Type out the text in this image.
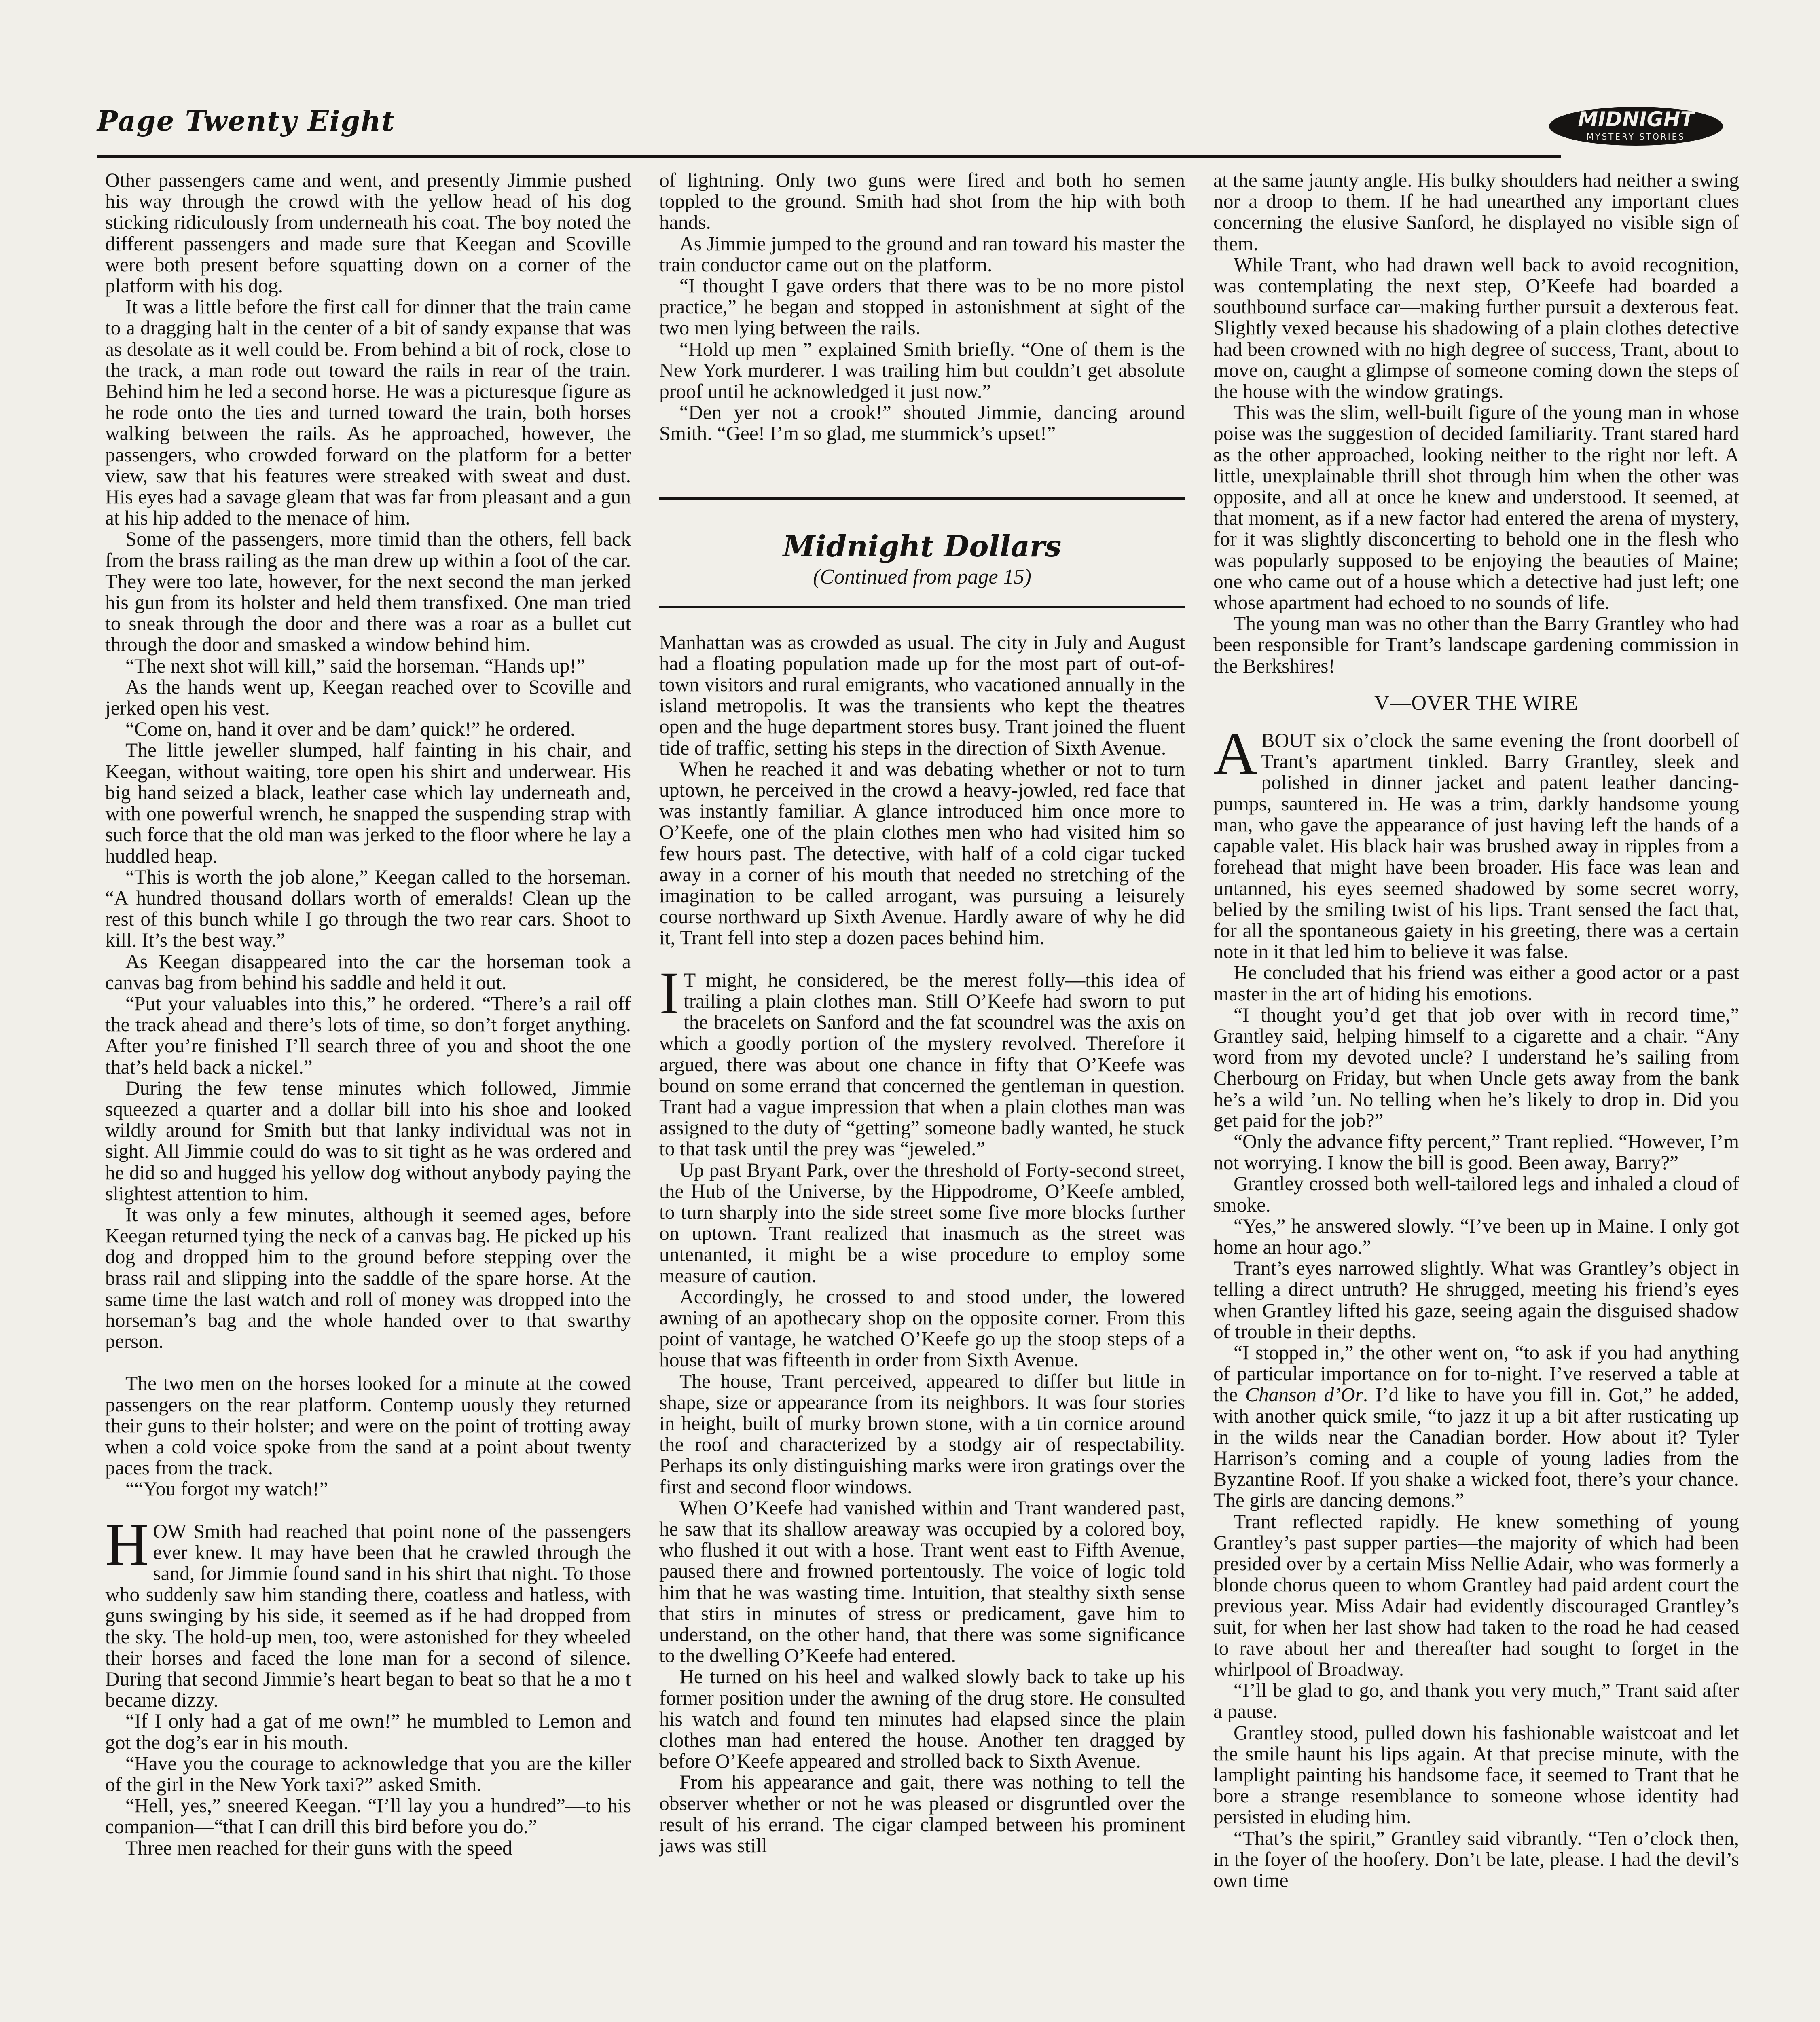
Page Twenty Eight	MIDNIGHT
MYSTERY STORIES

Other passengers came and went, and presently Jimmie pushed his way through the crowd with the yellow head of his dog sticking ridiculously from underneath his coat. The boy noted the different passengers and made sure that Keegan and Scoville were both present before squatting down on a corner of the platform with his dog.

It was a little before the first call for dinner that the train came to a dragging halt in the center of a bit of sandy expanse that was as desolate as it well could be. From behind a bit of rock, close to the track, a man rode out toward the rails in rear of the train. Behind him he led a second horse. He was a picturesque figure as he rode onto the ties and turned toward the train, both horses walking between the rails. As he approached, however, the passengers, who crowded forward on the platform for a better view, saw that his features were streaked with sweat and dust. His eyes had a savage gleam that was far from pleasant and a gun at his hip added to the menace of him.

Some of the passengers, more timid than the others, fell back from the brass railing as the man drew up within a foot of the car. They were too late, however, for the next second the man jerked his gun from its holster and held them transfixed. One man tried to sneak through the door and there was a roar as a bullet cut through the door and smasked a window behind him.

“The next shot will kill,” said the horseman. “Hands up!”

As the hands went up, Keegan reached over to Scoville and jerked open his vest.

“Come on, hand it over and be dam’ quick!” he ordered.

The little jeweller slumped, half fainting in his chair, and Keegan, without waiting, tore open his shirt and underwear. His big hand seized a black, leather case which lay underneath and, with one powerful wrench, he snapped the suspending strap with such force that the old man was jerked to the floor where he lay a huddled heap.

“This is worth the job alone,” Keegan called to the horseman. “A hundred thousand dollars worth of emeralds! Clean up the rest of this bunch while I go through the two rear cars. Shoot to kill. It’s the best way.”

As Keegan disappeared into the car the horseman took a canvas bag from behind his saddle and held it out.

“Put your valuables into this,” he ordered. “There’s a rail off the track ahead and there’s lots of time, so don’t forget anything. After you’re finished I’ll search three of you and shoot the one that’s held back a nickel.”

During the few tense minutes which followed, Jimmie squeezed a quarter and a dollar bill into his shoe and looked wildly around for Smith but that lanky individual was not in sight. All Jimmie could do was to sit tight as he was ordered and he did so and hugged his yellow dog without anybody paying the slightest attention to him.

It was only a few minutes, although it seemed ages, before Keegan returned tying the neck of a canvas bag. He picked up his dog and dropped him to the ground before stepping over the brass rail and slipping into the saddle of the spare horse. At the same time the last watch and roll of money was dropped into the horseman’s bag and the whole handed over to that swarthy person.

The two men on the horses looked for a minute at the cowed passengers on the rear platform. Contemp uously they returned their guns to their holster; and were on the point of trotting away when a cold voice spoke from the sand at a point about twenty paces from the track.

““You forgot my watch!”

HOW Smith had reached that point none of the passengers ever knew. It may have been that he crawled through the sand, for Jimmie found sand in his shirt that night. To those who suddenly saw him standing there, coatless and hatless, with guns swinging by his side, it seemed as if he had dropped from the sky. The hold-up men, too, were astonished for they wheeled their horses and faced the lone man for a second of silence. During that second Jimmie’s heart began to beat so that he a mo t became dizzy.

“If I only had a gat of me own!” he mumbled to Lemon and got the dog’s ear in his mouth.

“Have you the courage to acknowledge that you are the killer of the girl in the New York taxi?” asked Smith.

“Hell, yes,” sneered Keegan. “I’ll lay you a hundred”—to his companion—“that I can drill this bird before you do.”

Three men reached for their guns with the speed

of lightning. Only two guns were fired and both ho semen toppled to the ground. Smith had shot from the hip with both hands.

As Jimmie jumped to the ground and ran toward his master the train conductor came out on the platform.

“I thought I gave orders that there was to be no more pistol practice,” he began and stopped in astonishment at sight of the two men lying between the rails.

“Hold up men ” explained Smith briefly. “One of them is the New York murderer. I was trailing him but couldn’t get absolute proof until he acknowledged it just now.”

“Den yer not a crook!” shouted Jimmie, dancing around Smith. “Gee! I’m so glad, me stummick’s upset!”

Midnight Dollars
(Continued from page 15)

Manhattan was as crowded as usual. The city in July and August had a floating population made up for the most part of out-of-town visitors and rural emigrants, who vacationed annually in the island metropolis. It was the transients who kept the theatres open and the huge department stores busy. Trant joined the fluent tide of traffic, setting his steps in the direction of Sixth Avenue.

When he reached it and was debating whether or not to turn uptown, he perceived in the crowd a heavy-jowled, red face that was instantly familiar. A glance introduced him once more to O’Keefe, one of the plain clothes men who had visited him so few hours past. The detective, with half of a cold cigar tucked away in a corner of his mouth that needed no stretching of the imagination to be called arrogant, was pursuing a leisurely course northward up Sixth Avenue. Hardly aware of why he did it, Trant fell into step a dozen paces behind him.

IT might, he considered, be the merest folly—this idea of trailing a plain clothes man. Still O’Keefe had sworn to put the bracelets on Sanford and the fat scoundrel was the axis on which a goodly portion of the mystery revolved. Therefore it argued, there was about one chance in fifty that O’Keefe was bound on some errand that concerned the gentleman in question. Trant had a vague impression that when a plain clothes man was assigned to the duty of “getting” someone badly wanted, he stuck to that task until the prey was “jeweled.”

Up past Bryant Park, over the threshold of Forty-second street, the Hub of the Universe, by the Hippodrome, O’Keefe ambled, to turn sharply into the side street some five more blocks further on uptown. Trant realized that inasmuch as the street was untenanted, it might be a wise procedure to employ some measure of caution.

Accordingly, he crossed to and stood under, the lowered awning of an apothecary shop on the opposite corner. From this point of vantage, he watched O’Keefe go up the stoop steps of a house that was fifteenth in order from Sixth Avenue.

The house, Trant perceived, appeared to differ but little in shape, size or appearance from its neighbors. It was four stories in height, built of murky brown stone, with a tin cornice around the roof and characterized by a stodgy air of respectability. Perhaps its only distinguishing marks were iron gratings over the first and second floor windows.

When O’Keefe had vanished within and Trant wandered past, he saw that its shallow areaway was occupied by a colored boy, who flushed it out with a hose. Trant went east to Fifth Avenue, paused there and frowned portentously. The voice of logic told him that he was wasting time. Intuition, that stealthy sixth sense that stirs in minutes of stress or predicament, gave him to understand, on the other hand, that there was some significance to the dwelling O’Keefe had entered.

He turned on his heel and walked slowly back to take up his former position under the awning of the drug store. He consulted his watch and found ten minutes had elapsed since the plain clothes man had entered the house. Another ten dragged by before O’Keefe appeared and strolled back to Sixth Avenue.

From his appearance and gait, there was nothing to tell the observer whether or not he was pleased or disgruntled over the result of his errand. The cigar clamped between his prominent jaws was still

at the same jaunty angle. His bulky shoulders had neither a swing nor a droop to them. If he had unearthed any important clues concerning the elusive Sanford, he displayed no visible sign of them.

While Trant, who had drawn well back to avoid recognition, was contemplating the next step, O’Keefe had boarded a southbound surface car—making further pursuit a dexterous feat. Slightly vexed because his shadowing of a plain clothes detective had been crowned with no high degree of success, Trant, about to move on, caught a glimpse of someone coming down the steps of the house with the window gratings.

This was the slim, well-built figure of the young man in whose poise was the suggestion of decided familiarity. Trant stared hard as the other approached, looking neither to the right nor left. A little, unexplainable thrill shot through him when the other was opposite, and all at once he knew and understood. It seemed, at that moment, as if a new factor had entered the arena of mystery, for it was slightly disconcerting to behold one in the flesh who was popularly supposed to be enjoying the beauties of Maine; one who came out of a house which a detective had just left; one whose apartment had echoed to no sounds of life.

The young man was no other than the Barry Grantley who had been responsible for Trant’s landscape gardening commission in the Berkshires!

V—OVER THE WIRE

ABOUT six o’clock the same evening the front doorbell of Trant’s apartment tinkled. Barry Grantley, sleek and polished in dinner jacket and patent leather dancing-pumps, sauntered in. He was a trim, darkly handsome young man, who gave the appearance of just having left the hands of a capable valet. His black hair was brushed away in ripples from a forehead that might have been broader. His face was lean and untanned, his eyes seemed shadowed by some secret worry, belied by the smiling twist of his lips. Trant sensed the fact that, for all the spontaneous gaiety in his greeting, there was a certain note in it that led him to believe it was false.

He concluded that his friend was either a good actor or a past master in the art of hiding his emotions.

“I thought you’d get that job over with in record time,” Grantley said, helping himself to a cigarette and a chair. “Any word from my devoted uncle? I understand he’s sailing from Cherbourg on Friday, but when Uncle gets away from the bank he’s a wild ’un. No telling when he’s likely to drop in. Did you get paid for the job?”

“Only the advance fifty percent,” Trant replied. “However, I’m not worrying. I know the bill is good. Been away, Barry?”

Grantley crossed both well-tailored legs and inhaled a cloud of smoke.

“Yes,” he answered slowly. “I’ve been up in Maine. I only got home an hour ago.”

Trant’s eyes narrowed slightly. What was Grantley’s object in telling a direct untruth? He shrugged, meeting his friend’s eyes when Grantley lifted his gaze, seeing again the disguised shadow of trouble in their depths.

“I stopped in,” the other went on, “to ask if you had anything of particular importance on for to-night. I’ve reserved a table at the Chanson d’Or. I’d like to have you fill in. Got,” he added, with another quick smile, “to jazz it up a bit after rusticating up in the wilds near the Canadian border. How about it? Tyler Harrison’s coming and a couple of young ladies from the Byzantine Roof. If you shake a wicked foot, there’s your chance. The girls are dancing demons.”

Trant reflected rapidly. He knew something of young Grantley’s past supper parties—the majority of which had been presided over by a certain Miss Nellie Adair, who was formerly a blonde chorus queen to whom Grantley had paid ardent court the previous year. Miss Adair had evidently discouraged Grantley’s suit, for when her last show had taken to the road he had ceased to rave about her and thereafter had sought to forget in the whirlpool of Broadway.

“I’ll be glad to go, and thank you very much,” Trant said after a pause.

Grantley stood, pulled down his fashionable waistcoat and let the smile haunt his lips again. At that precise minute, with the lamplight painting his handsome face, it seemed to Trant that he bore a strange resemblance to someone whose identity had persisted in eluding him.

“That’s the spirit,” Grantley said vibrantly. “Ten o’clock then, in the foyer of the hoofery. Don’t be late, please. I had the devil’s own time
